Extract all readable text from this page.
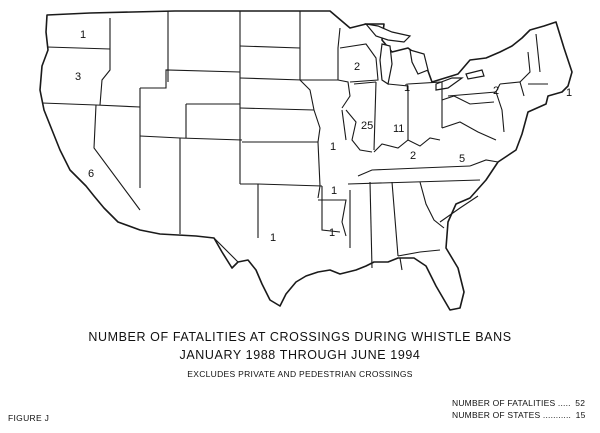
1
3
6
1
2
1
25 11
1
1
1
2	5
2	1
NUMBER OF FATALITIES AT CROSSINGS DURING WHISTLE BANS
JANUARY 1988 THROUGH JUNE 1994
EXCLUDES PRIVATE AND PEDESTRIAN CROSSINGS
NUMBER OF FATALITIES ..... 52
NUMBER OF STATES ........... 15
FIGURE J
